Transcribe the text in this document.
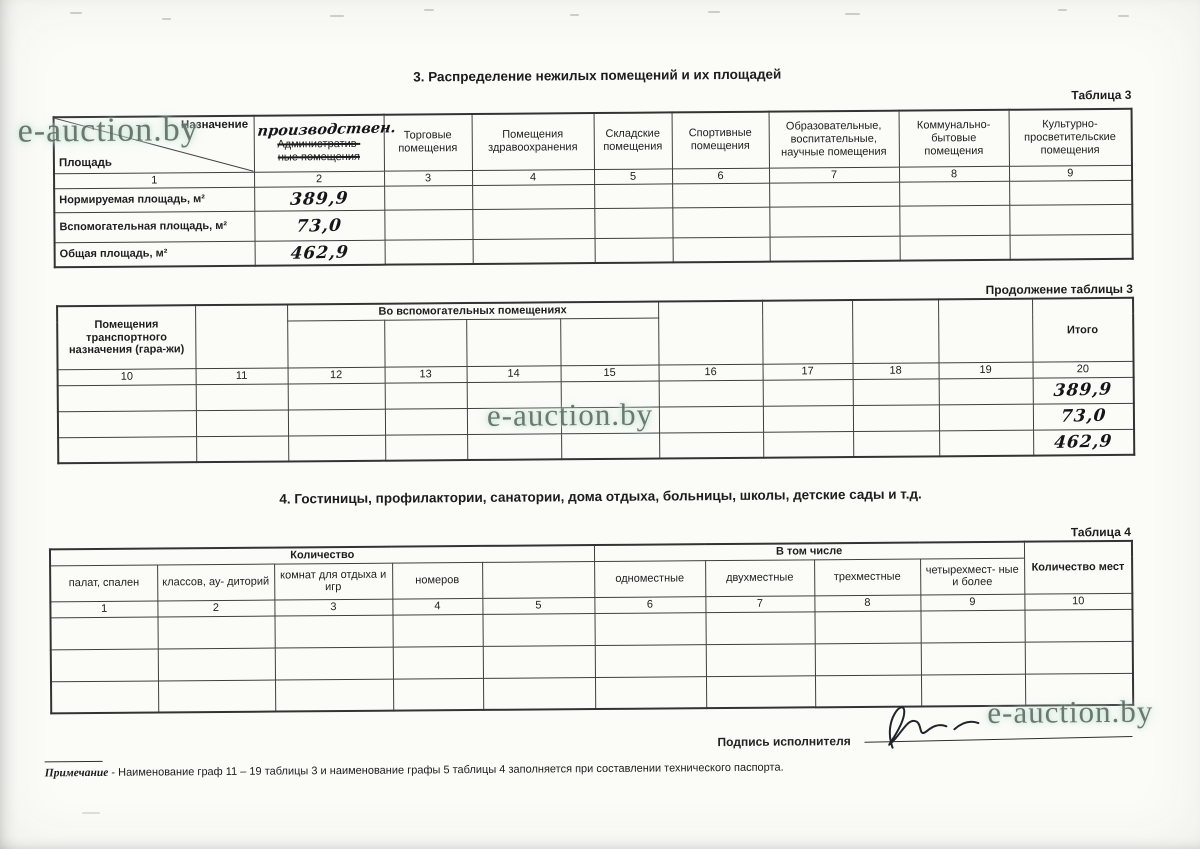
3. Распределение нежилых помещений и их площадей
Таблица 3
Назначение
Площадь	производствен.
Административ-
ные помещения	Торговые помещения	Помещения здравоохранения	Складские помещения	Спортивные помещения	Образовательные, воспитательные, научные помещения	Коммунально-бытовые помещения	Культурно-просветительские помещения
1	2	3	4	5	6	7	8	9
Нормируемая площадь, м²	389,9							
Вспомогательная площадь, м²	73,0							
Общая площадь, м²	462,9							
Продолжение таблицы 3
Помещения транспортного назначения (гара-жи)		Во вспомогательных помещениях								Итого

10	11	12	13	14	15	16	17	18	19	20
										389,9
										73,0
										462,9
4. Гостиницы, профилактории, санатории, дома отдыха, больницы, школы, детские сады и т.д.
Таблица 4
Количество					В том числе				Количество мест
палат, спален	классов, ау- диторий	комнат для отдыха и игр	номеров		одноместные	двухместные	трехместные	четырехмест- ные и более	
1	2	3	4	5	6	7	8	9	10

Подпись исполнителя
Примечание - Наименование граф 11 – 19 таблицы 3 и наименование графы 5 таблицы 4 заполняется при составлении технического паспорта.
e-auction.by
e-auction.by
e-auction.by
